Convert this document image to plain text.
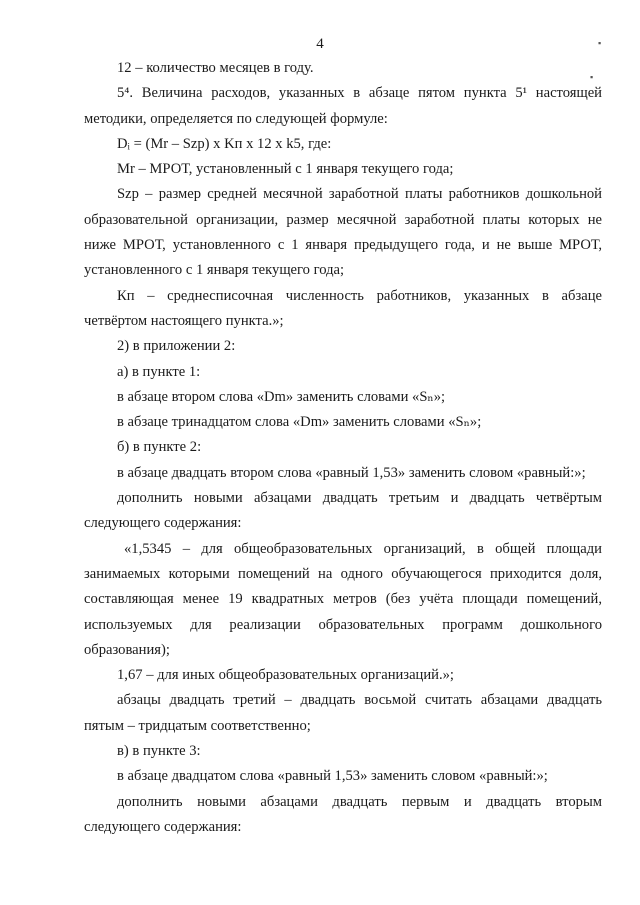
4	▪
▪

12 – количество месяцев в году.

5⁴. Величина расходов, указанных в абзаце пятом пункта 5¹ настоящей методики, определяется по следующей формуле:

Dᵢ = (Mr – Szp) x Kп x 12 x k5, где:

Mr – МРОТ, установленный с 1 января текущего года;

Szp – размер средней месячной заработной платы работников дошкольной образовательной организации, размер месячной заработной платы которых не ниже МРОТ, установленного с 1 января предыдущего года, и не выше МРОТ, установленного с 1 января текущего года;

Кп – среднесписочная численность работников, указанных в абзаце четвёртом настоящего пункта.»;

2) в приложении 2:

а) в пункте 1:

в абзаце втором слова «Dm» заменить словами «Sₙ»;

в абзаце тринадцатом слова «Dm» заменить словами «Sₙ»;

б) в пункте 2:

в абзаце двадцать втором слова «равный 1,53» заменить словом «равный:»;

дополнить новыми абзацами двадцать третьим и двадцать четвёртым следующего содержания:

«1,5345 – для общеобразовательных организаций, в общей площади занимаемых которыми помещений на одного обучающегося приходится доля, составляющая менее 19 квадратных метров (без учёта площади помещений, используемых для реализации образовательных программ дошкольного образования);

1,67 – для иных общеобразовательных организаций.»;

абзацы двадцать третий – двадцать восьмой считать абзацами двадцать пятым – тридцатым соответственно;

в) в пункте 3:

в абзаце двадцатом слова «равный 1,53» заменить словом «равный:»;

дополнить новыми абзацами двадцать первым и двадцать вторым следующего содержания:
